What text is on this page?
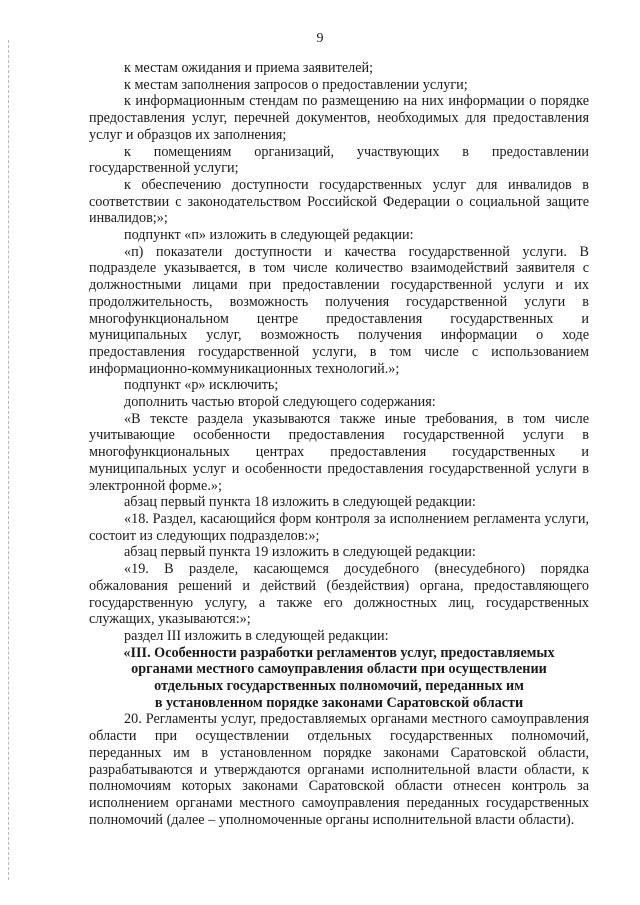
9

к местам ожидания и приема заявителей;

к местам заполнения запросов о предоставлении услуги;

к информационным стендам по размещению на них информации о порядке предоставления услуг, перечней документов, необходимых для предоставления услуг и образцов их заполнения;

к помещениям организаций, участвующих в предоставлении государственной услуги;

к обеспечению доступности государственных услуг для инвалидов в соответствии с законодательством Российской Федерации о социальной защите инвалидов;»;

подпункт «п» изложить в следующей редакции:

«п) показатели доступности и качества государственной услуги. В подразделе указывается, в том числе количество взаимодействий заявителя с должностными лицами при предоставлении государственной услуги и их продолжительность, возможность получения государственной услуги в многофункциональном центре предоставления государственных и муниципальных услуг, возможность получения информации о ходе предоставления государственной услуги, в том числе с использованием информационно-коммуникационных технологий.»;

подпункт «р» исключить;

дополнить частью второй следующего содержания:

«В тексте раздела указываются также иные требования, в том числе учитывающие особенности предоставления государственной услуги в многофункциональных центрах предоставления государственных и муниципальных услуг и особенности предоставления государственной услуги в электронной форме.»;

абзац первый пункта 18 изложить в следующей редакции:

«18. Раздел, касающийся форм контроля за исполнением регламента услуги, состоит из следующих подразделов:»;

абзац первый пункта 19 изложить в следующей редакции:

«19. В разделе, касающемся досудебного (внесудебного) порядка обжалования решений и действий (бездействия) органа, предоставляющего государственную услугу, а также его должностных лиц, государственных служащих, указываются:»;

раздел III изложить в следующей редакции:

«III. Особенности разработки регламентов услуг, предоставляемых
органами местного самоуправления области при осуществлении
отдельных государственных полномочий, переданных им
в установленном порядке законами Саратовской области

20. Регламенты услуг, предоставляемых органами местного самоуправления области при осуществлении отдельных государственных полномочий, переданных им в установленном порядке законами Саратовской области, разрабатываются и утверждаются органами исполнительной власти области, к полномочиям которых законами Саратовской области отнесен контроль за исполнением органами местного самоуправления переданных государственных полномочий (далее – уполномоченные органы исполнительной власти области).
